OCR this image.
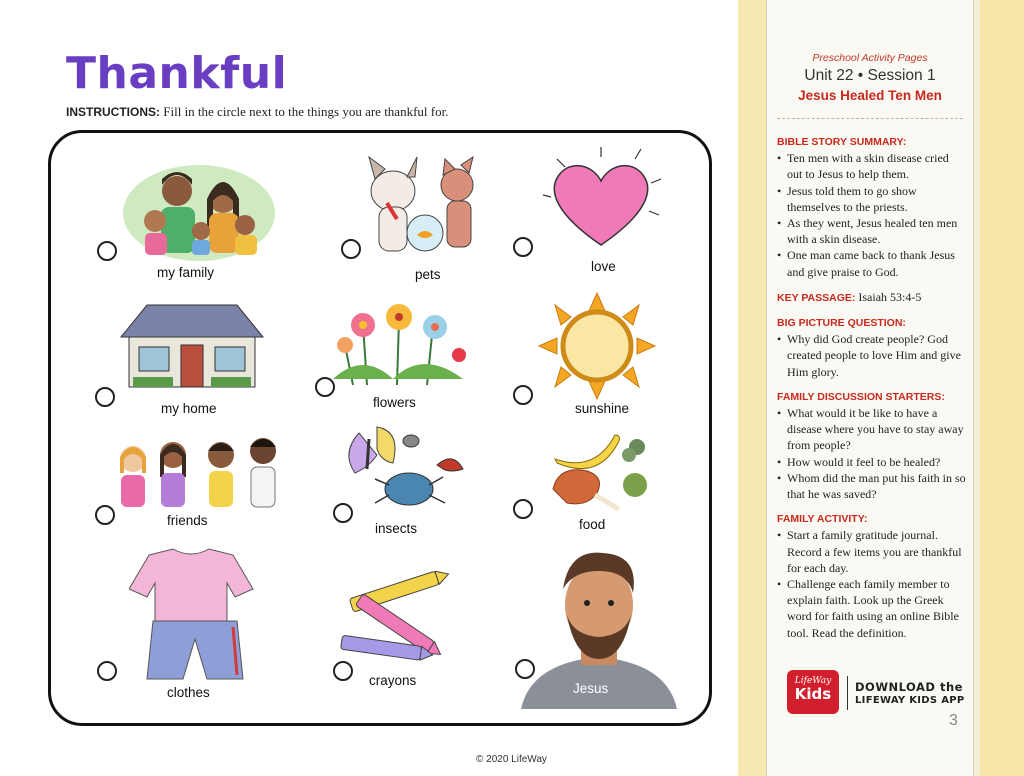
Thankful
INSTRUCTIONS: Fill in the circle next to the things you are thankful for.
my family	pets
love
my home	flowers	sunshine
friends
insects	food
clothes
crayons
Jesus
Preschool Activity Pages
Unit 22 • Session 1
Jesus Healed Ten Men
BIBLE STORY SUMMARY:
• Ten men with a skin disease cried out to Jesus to help them.
• Jesus told them to go show themselves to the priests.
• As they went, Jesus healed ten men with a skin disease.
• One man came back to thank Jesus and give praise to God.
KEY PASSAGE: Isaiah 53:4-5
BIG PICTURE QUESTION:
• Why did God create people? God created people to love Him and give Him glory.
FAMILY DISCUSSION STARTERS:
• What would it be like to have a disease where you have to stay away from people?
• How would it feel to be healed?
• Whom did the man put his faith in so that he was saved?
FAMILY ACTIVITY:
• Start a family gratitude journal. Record a few items you are thankful for each day.
• Challenge each family member to explain faith. Look up the Greek word for faith using an online Bible tool. Read the definition.
LifeWay
Kids	DOWNLOAD the
LIFEWAY KIDS APP
3
© 2020 LifeWay
